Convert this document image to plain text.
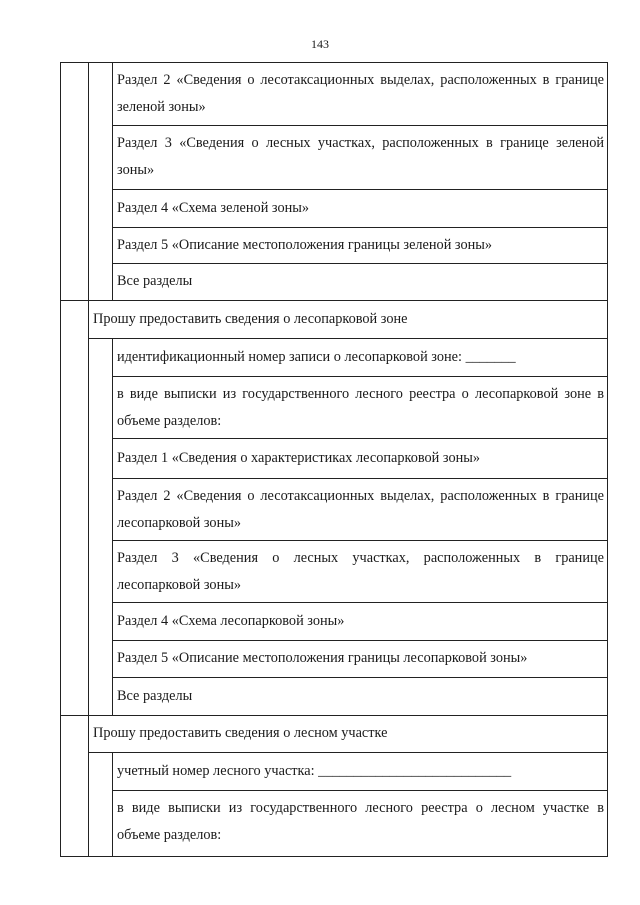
143
Раздел 2 «Сведения о лесотаксационных выделах, расположенных в границе зеленой зоны»
Раздел 3 «Сведения о лесных участках, расположенных в границе зеленой зоны»
Раздел 4 «Схема зеленой зоны»
Раздел 5 «Описание местоположения границы зеленой зоны»
Все разделы
Прошу предоставить сведения о лесопарковой зоне
идентификационный номер записи о лесопарковой зоне: _______
в виде выписки из государственного лесного реестра о лесопарковой зоне в объеме разделов:
Раздел 1 «Сведения о характеристиках лесопарковой зоны»
Раздел 2 «Сведения о лесотаксационных выделах, расположенных в границе лесопарковой зоны»
Раздел 3 «Сведения о лесных участках, расположенных в границе лесопарковой зоны»
Раздел 4 «Схема лесопарковой зоны»
Раздел 5 «Описание местоположения границы лесопарковой зоны»
Все разделы
Прошу предоставить сведения о лесном участке
учетный номер лесного участка: ___________________________
в виде выписки из государственного лесного реестра о лесном участке в объеме разделов:
